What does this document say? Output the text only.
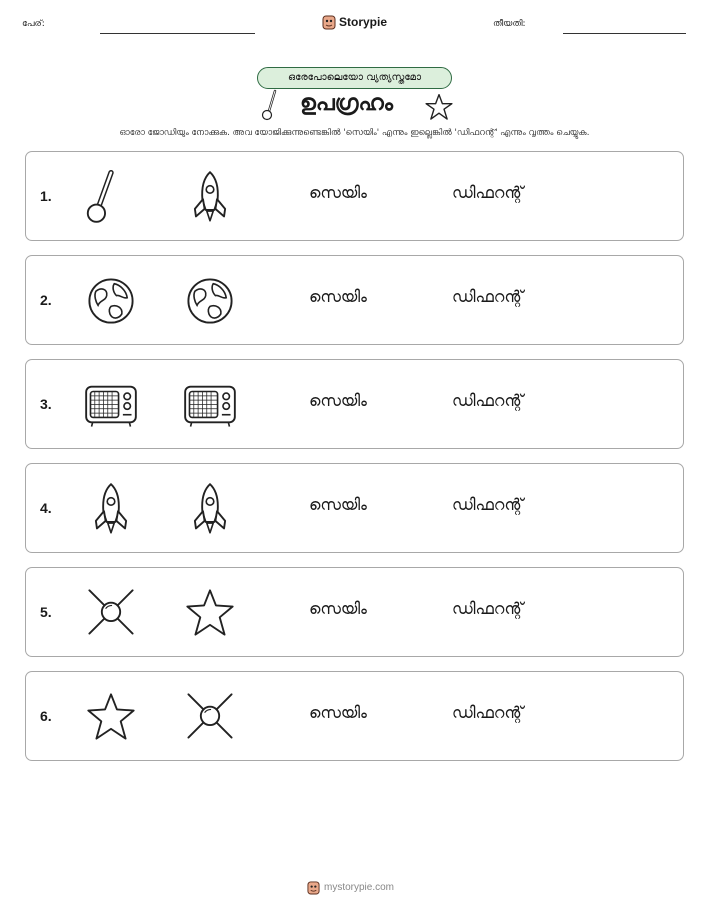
പേര്:	Storypie	തീയതി:
ഒരേപോലെയോ വ്യത്യസ്തമോ
ഉപഗ്രഹം
ഓരോ ജോഡിയും നോക്കുക. അവ യോജിക്കുന്നുണ്ടെങ്കിൽ 'സെയിം' എന്നും ഇല്ലെങ്കിൽ 'ഡിഫറന്റ്' എന്നും വൃത്തം ചെയ്യുക.
1.	സെയിം	ഡിഫറന്റ്
2.	സെയിം	ഡിഫറന്റ്
3.	സെയിം	ഡിഫറന്റ്
4.	സെയിം	ഡിഫറന്റ്
5.	സെയിം	ഡിഫറന്റ്
6.	സെയിം	ഡിഫറന്റ്
mystorypie.com
